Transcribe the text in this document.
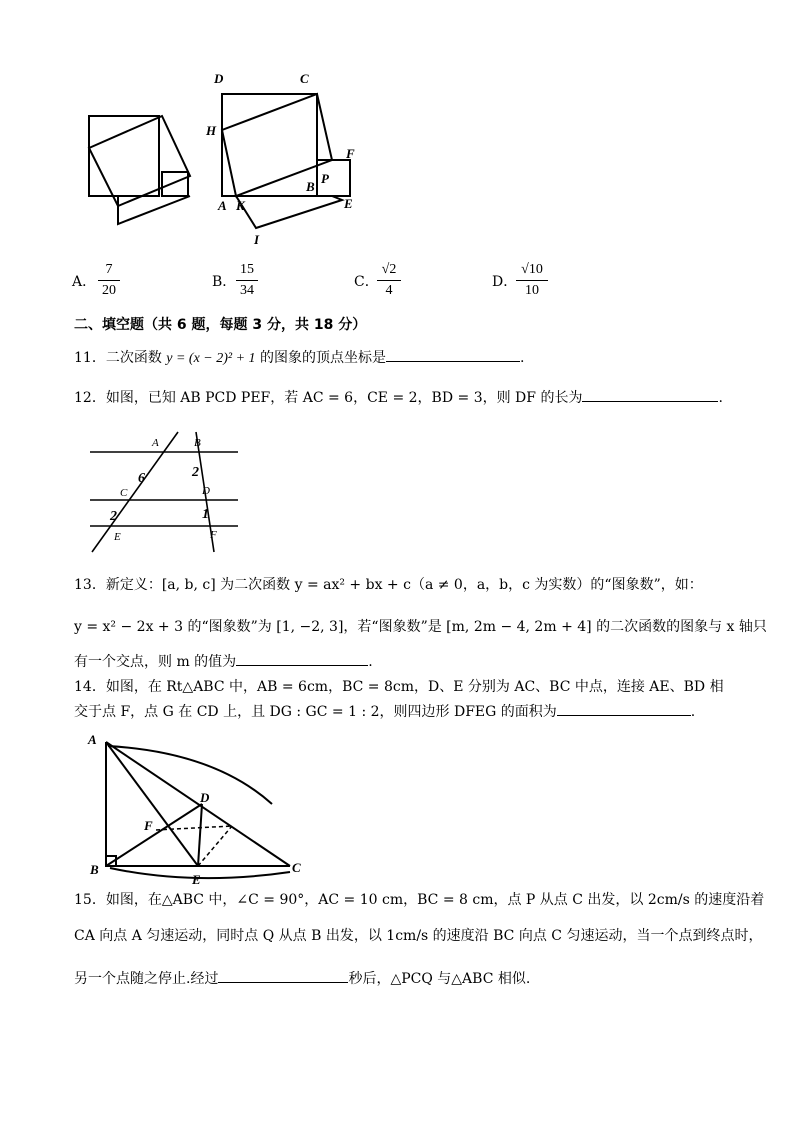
D	C
H
F
P
B
A K	E
I
A．
7
20
B．
15
34
C．
√2
4
D．
√10
10
二、填空题（共 6 题，每题 3 分，共 18 分）
11．二次函数 y = (x − 2)² + 1 的图象的顶点坐标是	.
12．如图，已知 AB PCD PEF，若 AC = 6，CE = 2，BD = 3，则 DF 的长为	.
A	B
C	D
E	F
6	2
2	1
13．新定义：[a, b, c] 为二次函数 y = ax² + bx + c（a ≠ 0，a，b，c 为实数）的“图象数”，如：
y = x² − 2x + 3 的“图象数”为 [1, −2, 3]，若“图象数”是 [m, 2m − 4, 2m + 4] 的二次函数的图象与 x 轴只
有一个交点，则 m 的值为	.
14．如图，在 Rt△ABC 中，AB = 6cm，BC = 8cm，D、E 分别为 AC、BC 中点，连接 AE、BD 相
交于点 F，点 G 在 CD 上，且 DG : GC = 1 : 2，则四边形 DFEG 的面积为	.
A
D
F
B
E
C
15．如图，在△ABC 中，∠C = 90°，AC = 10 cm，BC = 8 cm，点 P 从点 C 出发，以 2cm/s 的速度沿着
CA 向点 A 匀速运动，同时点 Q 从点 B 出发，以 1cm/s 的速度沿 BC 向点 C 匀速运动，当一个点到终点时，
另一个点随之停止.经过	秒后，△PCQ 与△ABC 相似.
